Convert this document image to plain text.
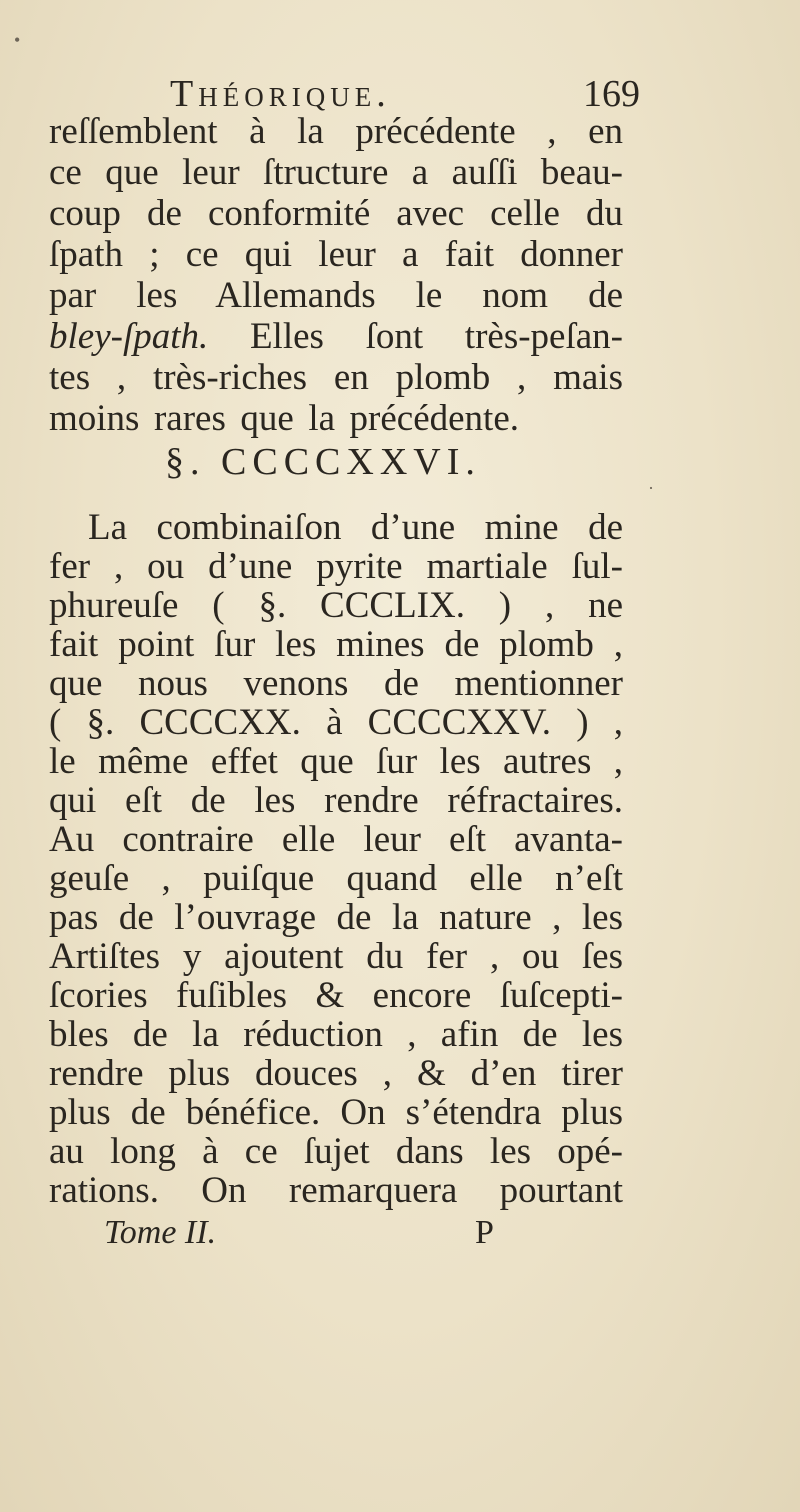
•
·
Théorique.	169
reſſemblent à la précédente , en
ce que leur ſtructure a auſſi beau-
coup de conformité avec celle du
ſpath ; ce qui leur a fait donner
par les Allemands le nom de
bley-ſpath. Elles ſont très-peſan-
tes , très-riches en plomb , mais
moins rares que la précédente.
§. CCCCXXVI.
La combinaiſon d’une mine de
fer , ou d’une pyrite martiale ſul-
phureuſe ( §. CCCLIX. ) , ne
fait point ſur les mines de plomb ,
que nous venons de mentionner
( §. CCCCXX. à CCCCXXV. ) ,
le même effet que ſur les autres ,
qui eſt de les rendre réfractaires.
Au contraire elle leur eſt avanta-
geuſe , puiſque quand elle n’eſt
pas de l’ouvrage de la nature , les
Artiſtes y ajoutent du fer , ou ſes
ſcories fuſibles & encore ſuſcepti-
bles de la réduction , afin de les
rendre plus douces , & d’en tirer
plus de bénéfice. On s’étendra plus
au long à ce ſujet dans les opé-
rations. On remarquera pourtant
Tome II.	P
